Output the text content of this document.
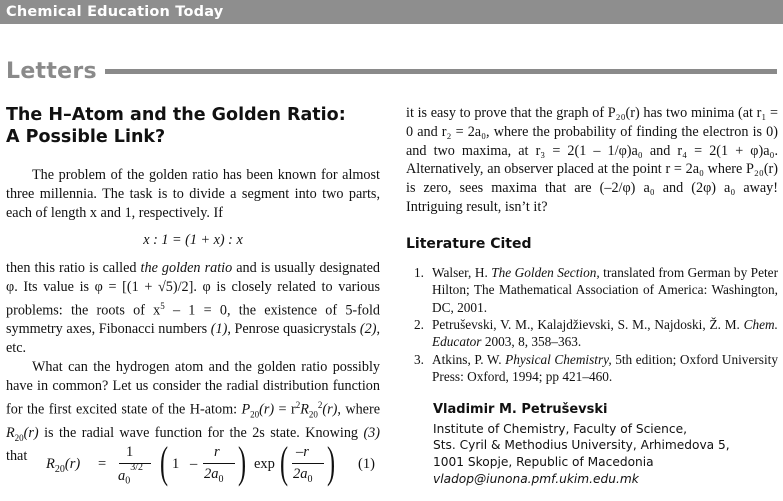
Chemical Education Today
Letters
The H–Atom and the Golden Ratio:
A Possible Link?

The problem of the golden ratio has been known for almost three millennia. The task is to divide a segment into two parts, each of length x and 1, respectively. If

x : 1 = (1 + x) : x

then this ratio is called the golden ratio and is usually designated φ. Its value is φ = [(1 + √5)/2]. φ is closely related to various problems: the roots of $x^5 - 1 = 0$, the existence of 5-fold symmetry axes, Fibonacci numbers (1), Penrose quasicrystals (2), etc.

What can the hydrogen atom and the golden ratio possibly have in common? Let us consider the radial distribution function for the first excited state of the H-atom: $P_{20}(r) = r^2R_{20}^2(r)$, where $R_{20}(r)$ is the radial wave function for the 2s state. Knowing (3) that	$R_{20}(r)$ =
1
$a_0^{3/2}$ ( 1 –
r
$2a_0$ ) exp ( –r
$2a_0$ ) (1)

it is easy to prove that the graph of P₂₀(r) has two minima (at r₁ = 0 and r₂ = 2a₀, where the probability of finding the electron is 0) and two maxima, at r₃ = 2(1 – 1/φ)a₀ and r₄ = 2(1 + φ)a₀. Alternatively, an observer placed at the point r = 2a₀ where P₂₀(r) is zero, sees maxima that are (–2/φ) a₀ and (2φ) a₀ away! Intriguing result, isn’t it?

Literature Cited
1. Walser, H. The Golden Section, translated from German by Peter Hilton; The Mathematical Association of America: Washington, DC, 2001.
2. Petruševski, V. M., Kalajdžievski, S. M., Najdoski, Ž. M. Chem. Educator 2003, 8, 358–363.
3. Atkins, P. W. Physical Chemistry, 5th edition; Oxford University Press: Oxford, 1994; pp 421–460.
Vladimir M. Petruševski
Institute of Chemistry, Faculty of Science,
Sts. Cyril & Methodius University, Arhimedova 5,
1001 Skopje, Republic of Macedonia
vladop@iunona.pmf.ukim.edu.mk
